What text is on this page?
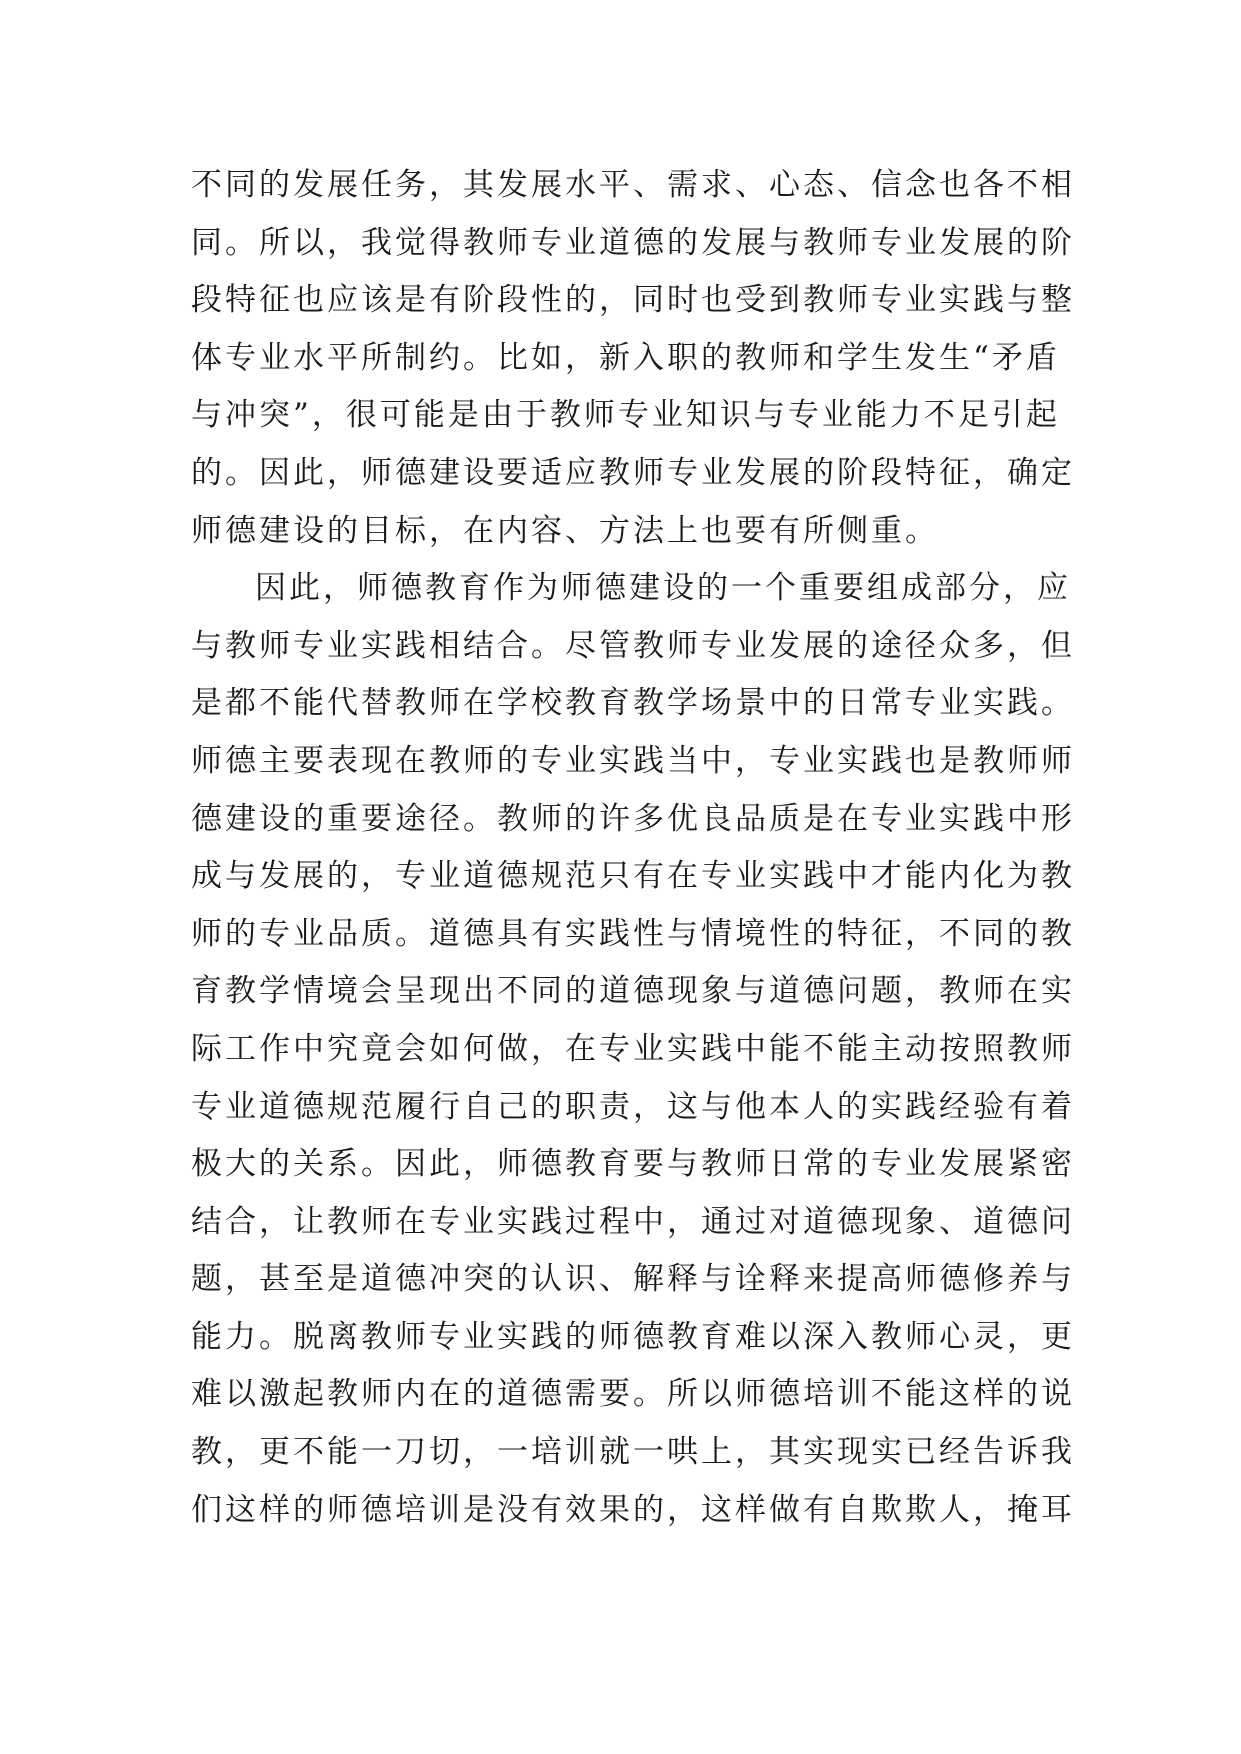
不同的发展任务，其发展水平、需求、心态、信念也各不相
同。所以，我觉得教师专业道德的发展与教师专业发展的阶
段特征也应该是有阶段性的，同时也受到教师专业实践与整
体专业水平所制约。比如，新入职的教师和学生发生“矛盾
与冲突”，很可能是由于教师专业知识与专业能力不足引起
的。因此，师德建设要适应教师专业发展的阶段特征，确定
师德建设的目标，在内容、方法上也要有所侧重。
因此，师德教育作为师德建设的一个重要组成部分，应
与教师专业实践相结合。尽管教师专业发展的途径众多，但
是都不能代替教师在学校教育教学场景中的日常专业实践。
师德主要表现在教师的专业实践当中，专业实践也是教师师
德建设的重要途径。教师的许多优良品质是在专业实践中形
成与发展的，专业道德规范只有在专业实践中才能内化为教
师的专业品质。道德具有实践性与情境性的特征，不同的教
育教学情境会呈现出不同的道德现象与道德问题，教师在实
际工作中究竟会如何做，在专业实践中能不能主动按照教师
专业道德规范履行自己的职责，这与他本人的实践经验有着
极大的关系。因此，师德教育要与教师日常的专业发展紧密
结合，让教师在专业实践过程中，通过对道德现象、道德问
题，甚至是道德冲突的认识、解释与诠释来提高师德修养与
能力。脱离教师专业实践的师德教育难以深入教师心灵，更
难以激起教师内在的道德需要。所以师德培训不能这样的说
教，更不能一刀切，一培训就一哄上，其实现实已经告诉我
们这样的师德培训是没有效果的，这样做有自欺欺人，掩耳
